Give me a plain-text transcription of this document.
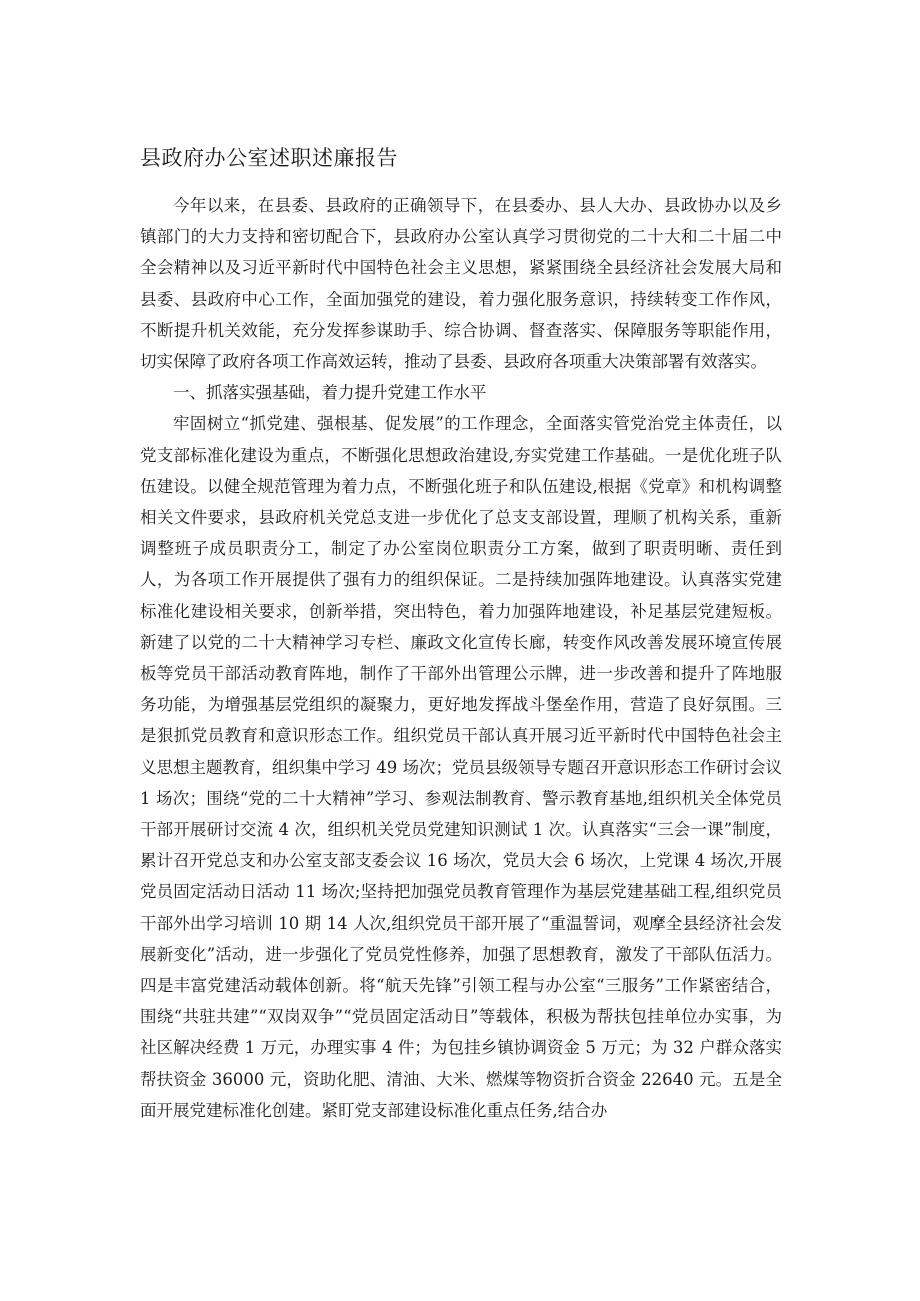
县政府办公室述职述廉报告

今年以来，在县委、县政府的正确领导下，在县委办、县人大办、县政协办以及乡镇部门的大力支持和密切配合下，县政府办公室认真学习贯彻党的二十大和二十届二中全会精神以及习近平新时代中国特色社会主义思想，紧紧围绕全县经济社会发展大局和县委、县政府中心工作，全面加强党的建设，着力强化服务意识，持续转变工作作风，不断提升机关效能，充分发挥参谋助手、综合协调、督查落实、保障服务等职能作用，切实保障了政府各项工作高效运转，推动了县委、县政府各项重大决策部署有效落实。

一、抓落实强基础，着力提升党建工作水平

牢固树立“抓党建、强根基、促发展”的工作理念，全面落实管党治党主体责任，以党支部标准化建设为重点，不断强化思想政治建设,夯实党建工作基础。一是优化班子队伍建设。以健全规范管理为着力点，不断强化班子和队伍建设,根据《党章》和机构调整相关文件要求，县政府机关党总支进一步优化了总支支部设置，理顺了机构关系，重新调整班子成员职责分工，制定了办公室岗位职责分工方案，做到了职责明晰、责任到人，为各项工作开展提供了强有力的组织保证。二是持续加强阵地建设。认真落实党建标准化建设相关要求，创新举措，突出特色，着力加强阵地建设，补足基层党建短板。新建了以党的二十大精神学习专栏、廉政文化宣传长廊，转变作风改善发展环境宣传展板等党员干部活动教育阵地，制作了干部外出管理公示牌，进一步改善和提升了阵地服务功能，为增强基层党组织的凝聚力，更好地发挥战斗堡垒作用，营造了良好氛围。三是狠抓党员教育和意识形态工作。组织党员干部认真开展习近平新时代中国特色社会主义思想主题教育，组织集中学习 49 场次；党员县级领导专题召开意识形态工作研讨会议 1 场次；围绕“党的二十大精神”学习、参观法制教育、警示教育基地,组织机关全体党员干部开展研讨交流 4 次，组织机关党员党建知识测试 1 次。认真落实“三会一课”制度，累计召开党总支和办公室支部支委会议 16 场次，党员大会 6 场次，上党课 4 场次,开展党员固定活动日活动 11 场次;坚持把加强党员教育管理作为基层党建基础工程,组织党员干部外出学习培训 10 期 14 人次,组织党员干部开展了“重温誓词，观摩全县经济社会发展新变化”活动，进一步强化了党员党性修养，加强了思想教育，激发了干部队伍活力。四是丰富党建活动载体创新。将“航天先锋”引领工程与办公室“三服务”工作紧密结合，围绕“共驻共建”“双岗双争”“党员固定活动日”等载体，积极为帮扶包挂单位办实事，为社区解决经费 1 万元，办理实事 4 件；为包挂乡镇协调资金 5 万元；为 32 户群众落实帮扶资金 36000 元，资助化肥、清油、大米、燃煤等物资折合资金 22640 元。五是全面开展党建标准化创建。紧盯党支部建设标准化重点任务,结合办
